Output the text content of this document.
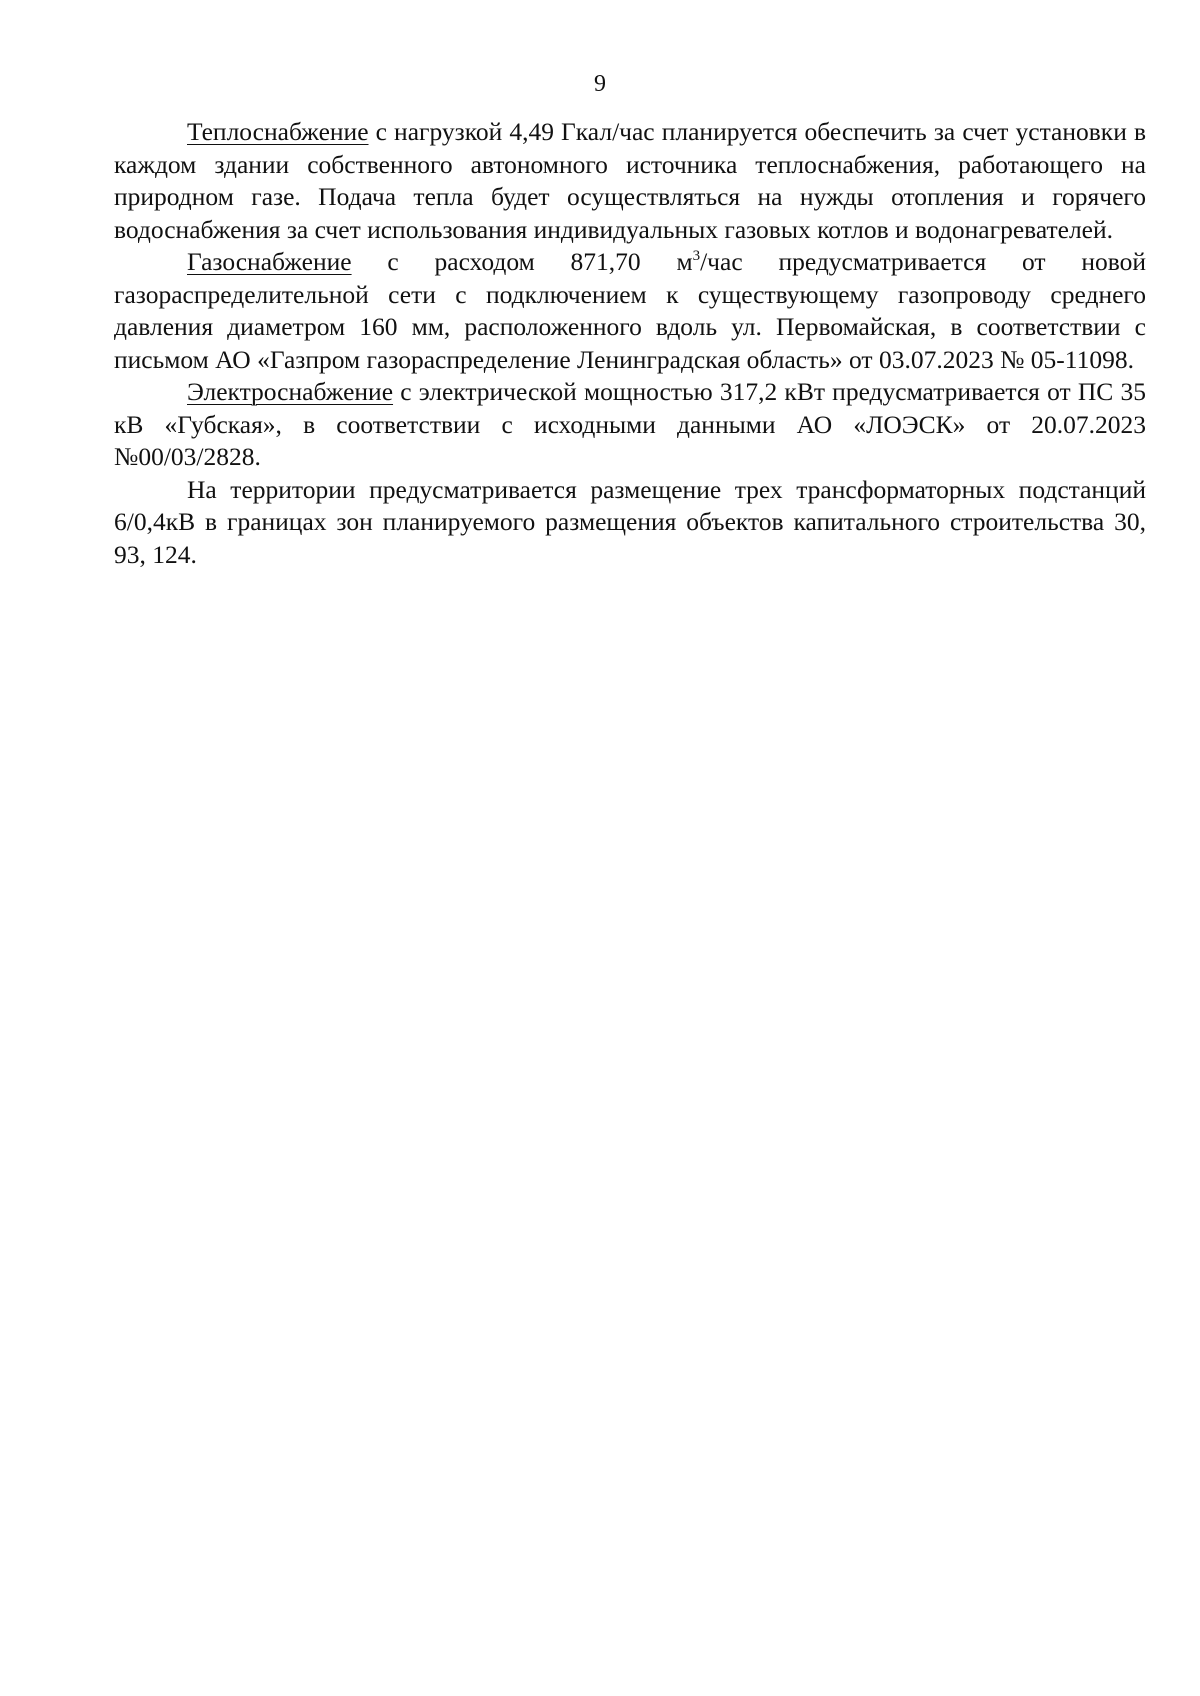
9

Теплоснабжение с нагрузкой 4,49 Гкал/час планируется обеспечить за счет установки в каждом здании собственного автономного источника теплоснабжения, работающего на природном газе. Подача тепла будет осуществляться на нужды отопления и горячего водоснабжения за счет использования индивидуальных газовых котлов и водонагревателей.

Газоснабжение с расходом 871,70 $м^3$/час предусматривается от новой газораспределительной сети с подключением к существующему газопроводу среднего давления диаметром 160 мм, расположенного вдоль ул. Первомайская, в соответствии с письмом АО «Газпром газораспределение Ленинградская область» от 03.07.2023 № 05-11098.

Электроснабжение с электрической мощностью 317,2 кВт предусматривается от ПС 35 кВ «Губская», в соответствии с исходными данными АО «ЛОЭСК» от 20.07.2023 №00/03/2828.

На территории предусматривается размещение трех трансформаторных подстанций 6/0,4кВ в границах зон планируемого размещения объектов капитального строительства 30, 93, 124.
